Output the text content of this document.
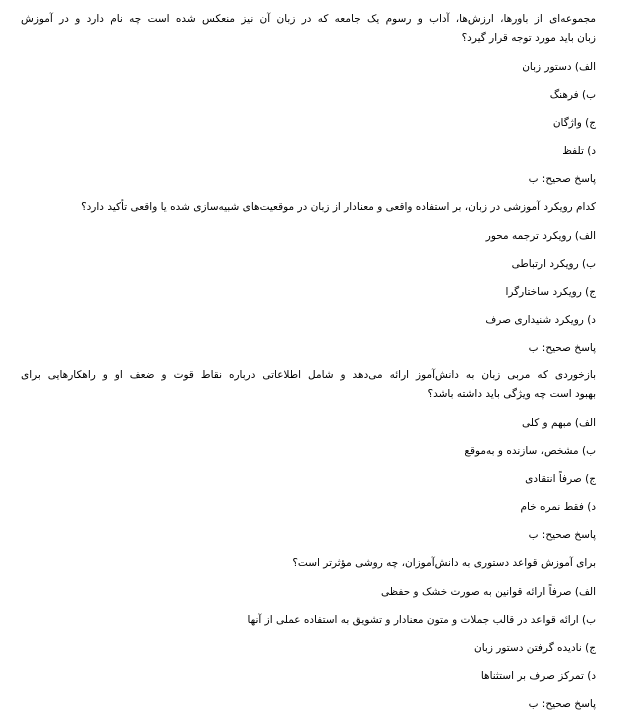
مجموعه‌ای از باورها، ارزش‌ها، آداب و رسوم یک جامعه که در زبان آن نیز منعکس شده است چه نام دارد و در آموزش
زبان باید مورد توجه قرار گیرد؟
الف) دستور زبان
ب) فرهنگ
ج) واژگان
د) تلفظ
پاسخ صحیح: ب
کدام رویکرد آموزشی در زبان، بر استفاده واقعی و معنادار از زبان در موقعیت‌های شبیه‌سازی شده یا واقعی تأکید دارد؟
الف) رویکرد ترجمه محور
ب) رویکرد ارتباطی
ج) رویکرد ساختارگرا
د) رویکرد شنیداری صرف
پاسخ صحیح: ب
بازخوردی که مربی زبان به دانش‌آموز ارائه می‌دهد و شامل اطلاعاتی درباره نقاط قوت و ضعف او و راهکارهایی برای
بهبود است چه ویژگی باید داشته باشد؟
الف) مبهم و کلی
ب) مشخص، سازنده و به‌موقع
ج) صرفاً انتقادی
د) فقط نمره خام
پاسخ صحیح: ب
برای آموزش قواعد دستوری به دانش‌آموزان، چه روشی مؤثرتر است؟
الف) صرفاً ارائه قوانین به صورت خشک و حفظی
ب) ارائه قواعد در قالب جملات و متون معنادار و تشویق به استفاده عملی از آنها
ج) نادیده گرفتن دستور زبان
د) تمرکز صرف بر استثناها
پاسخ صحیح: ب
